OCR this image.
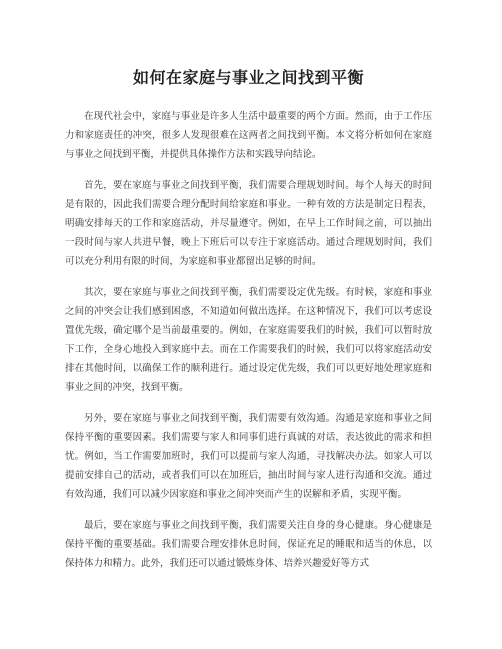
如何在家庭与事业之间找到平衡

在现代社会中，家庭与事业是许多人生活中最重要的两个方面。然而，由于工作压力和家庭责任的冲突，很多人发现很难在这两者之间找到平衡。本文将分析如何在家庭与事业之间找到平衡，并提供具体操作方法和实践导向结论。

首先，要在家庭与事业之间找到平衡，我们需要合理规划时间。每个人每天的时间是有限的，因此我们需要合理分配时间给家庭和事业。一种有效的方法是制定日程表，明确安排每天的工作和家庭活动，并尽量遵守。例如，在早上工作时间之前，可以抽出一段时间与家人共进早餐，晚上下班后可以专注于家庭活动。通过合理规划时间，我们可以充分利用有限的时间，为家庭和事业都留出足够的时间。

其次，要在家庭与事业之间找到平衡，我们需要设定优先级。有时候，家庭和事业之间的冲突会让我们感到困惑，不知道如何做出选择。在这种情况下，我们可以考虑设置优先级，确定哪个是当前最重要的。例如，在家庭需要我们的时候，我们可以暂时放下工作，全身心地投入到家庭中去。而在工作需要我们的时候，我们可以将家庭活动安排在其他时间，以确保工作的顺利进行。通过设定优先级，我们可以更好地处理家庭和事业之间的冲突，找到平衡。

另外，要在家庭与事业之间找到平衡，我们需要有效沟通。沟通是家庭和事业之间保持平衡的重要因素。我们需要与家人和同事们进行真诚的对话，表达彼此的需求和担忧。例如，当工作需要加班时，我们可以提前与家人沟通，寻找解决办法。如家人可以提前安排自己的活动，或者我们可以在加班后，抽出时间与家人进行沟通和交流。通过有效沟通，我们可以减少因家庭和事业之间冲突而产生的误解和矛盾，实现平衡。

最后，要在家庭与事业之间找到平衡，我们需要关注自身的身心健康。身心健康是保持平衡的重要基础。我们需要合理安排休息时间，保证充足的睡眠和适当的休息，以保持体力和精力。此外，我们还可以通过锻炼身体、培养兴趣爱好等方式
